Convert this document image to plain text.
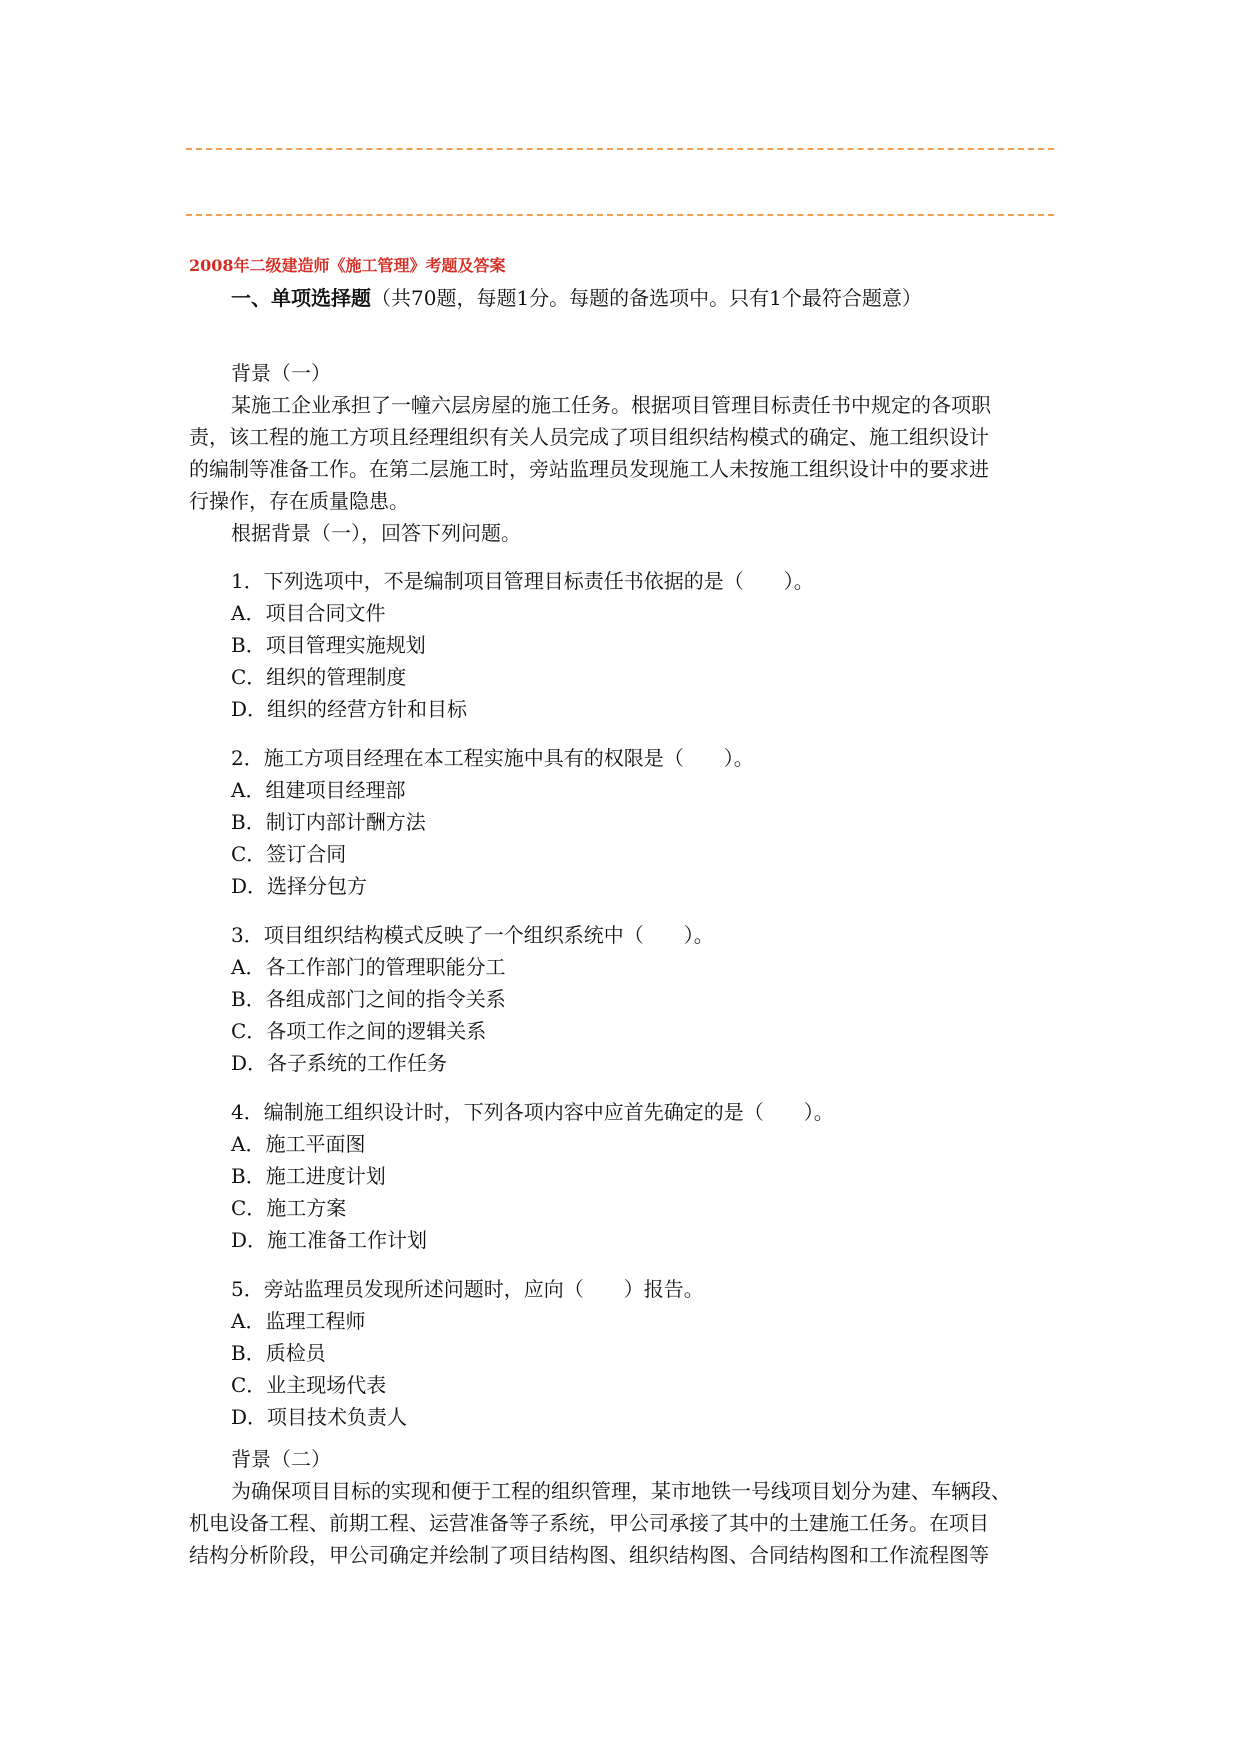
2008年二级建造师《施工管理》考题及答案
一、单项选择题（共70题，每题1分。每题的备选项中。只有1个最符合题意）

背景（一）

某施工企业承担了一幢六层房屋的施工任务。根据项目管理目标责任书中规定的各项职

责，该工程的施工方项且经理组织有关人员完成了项目组织结构模式的确定、施工组织设计

的编制等准备工作。在第二层施工时，旁站监理员发现施工人未按施工组织设计中的要求进

行操作，存在质量隐患。

根据背景（一），回答下列问题。

1．下列选项中，不是编制项目管理目标责任书依据的是（　　）。

A．项目合同文件

B．项目管理实施规划

C．组织的管理制度

D．组织的经营方针和目标

2．施工方项目经理在本工程实施中具有的权限是（　　）。

A．组建项目经理部

B．制订内部计酬方法

C．签订合同

D．选择分包方

3．项目组织结构模式反映了一个组织系统中（　　）。

A．各工作部门的管理职能分工

B．各组成部门之间的指令关系

C．各项工作之间的逻辑关系

D．各子系统的工作任务

4．编制施工组织设计时，下列各项内容中应首先确定的是（　　）。

A．施工平面图

B．施工进度计划

C．施工方案

D．施工准备工作计划

5．旁站监理员发现所述问题时，应向（　　）报告。

A．监理工程师

B．质检员

C．业主现场代表

D．项目技术负责人

背景（二）

为确保项目目标的实现和便于工程的组织管理，某市地铁一号线项目划分为建、车辆段、

机电设备工程、前期工程、运营准备等子系统，甲公司承接了其中的土建施工任务。在项目

结构分析阶段，甲公司确定并绘制了项目结构图、组织结构图、合同结构图和工作流程图等
